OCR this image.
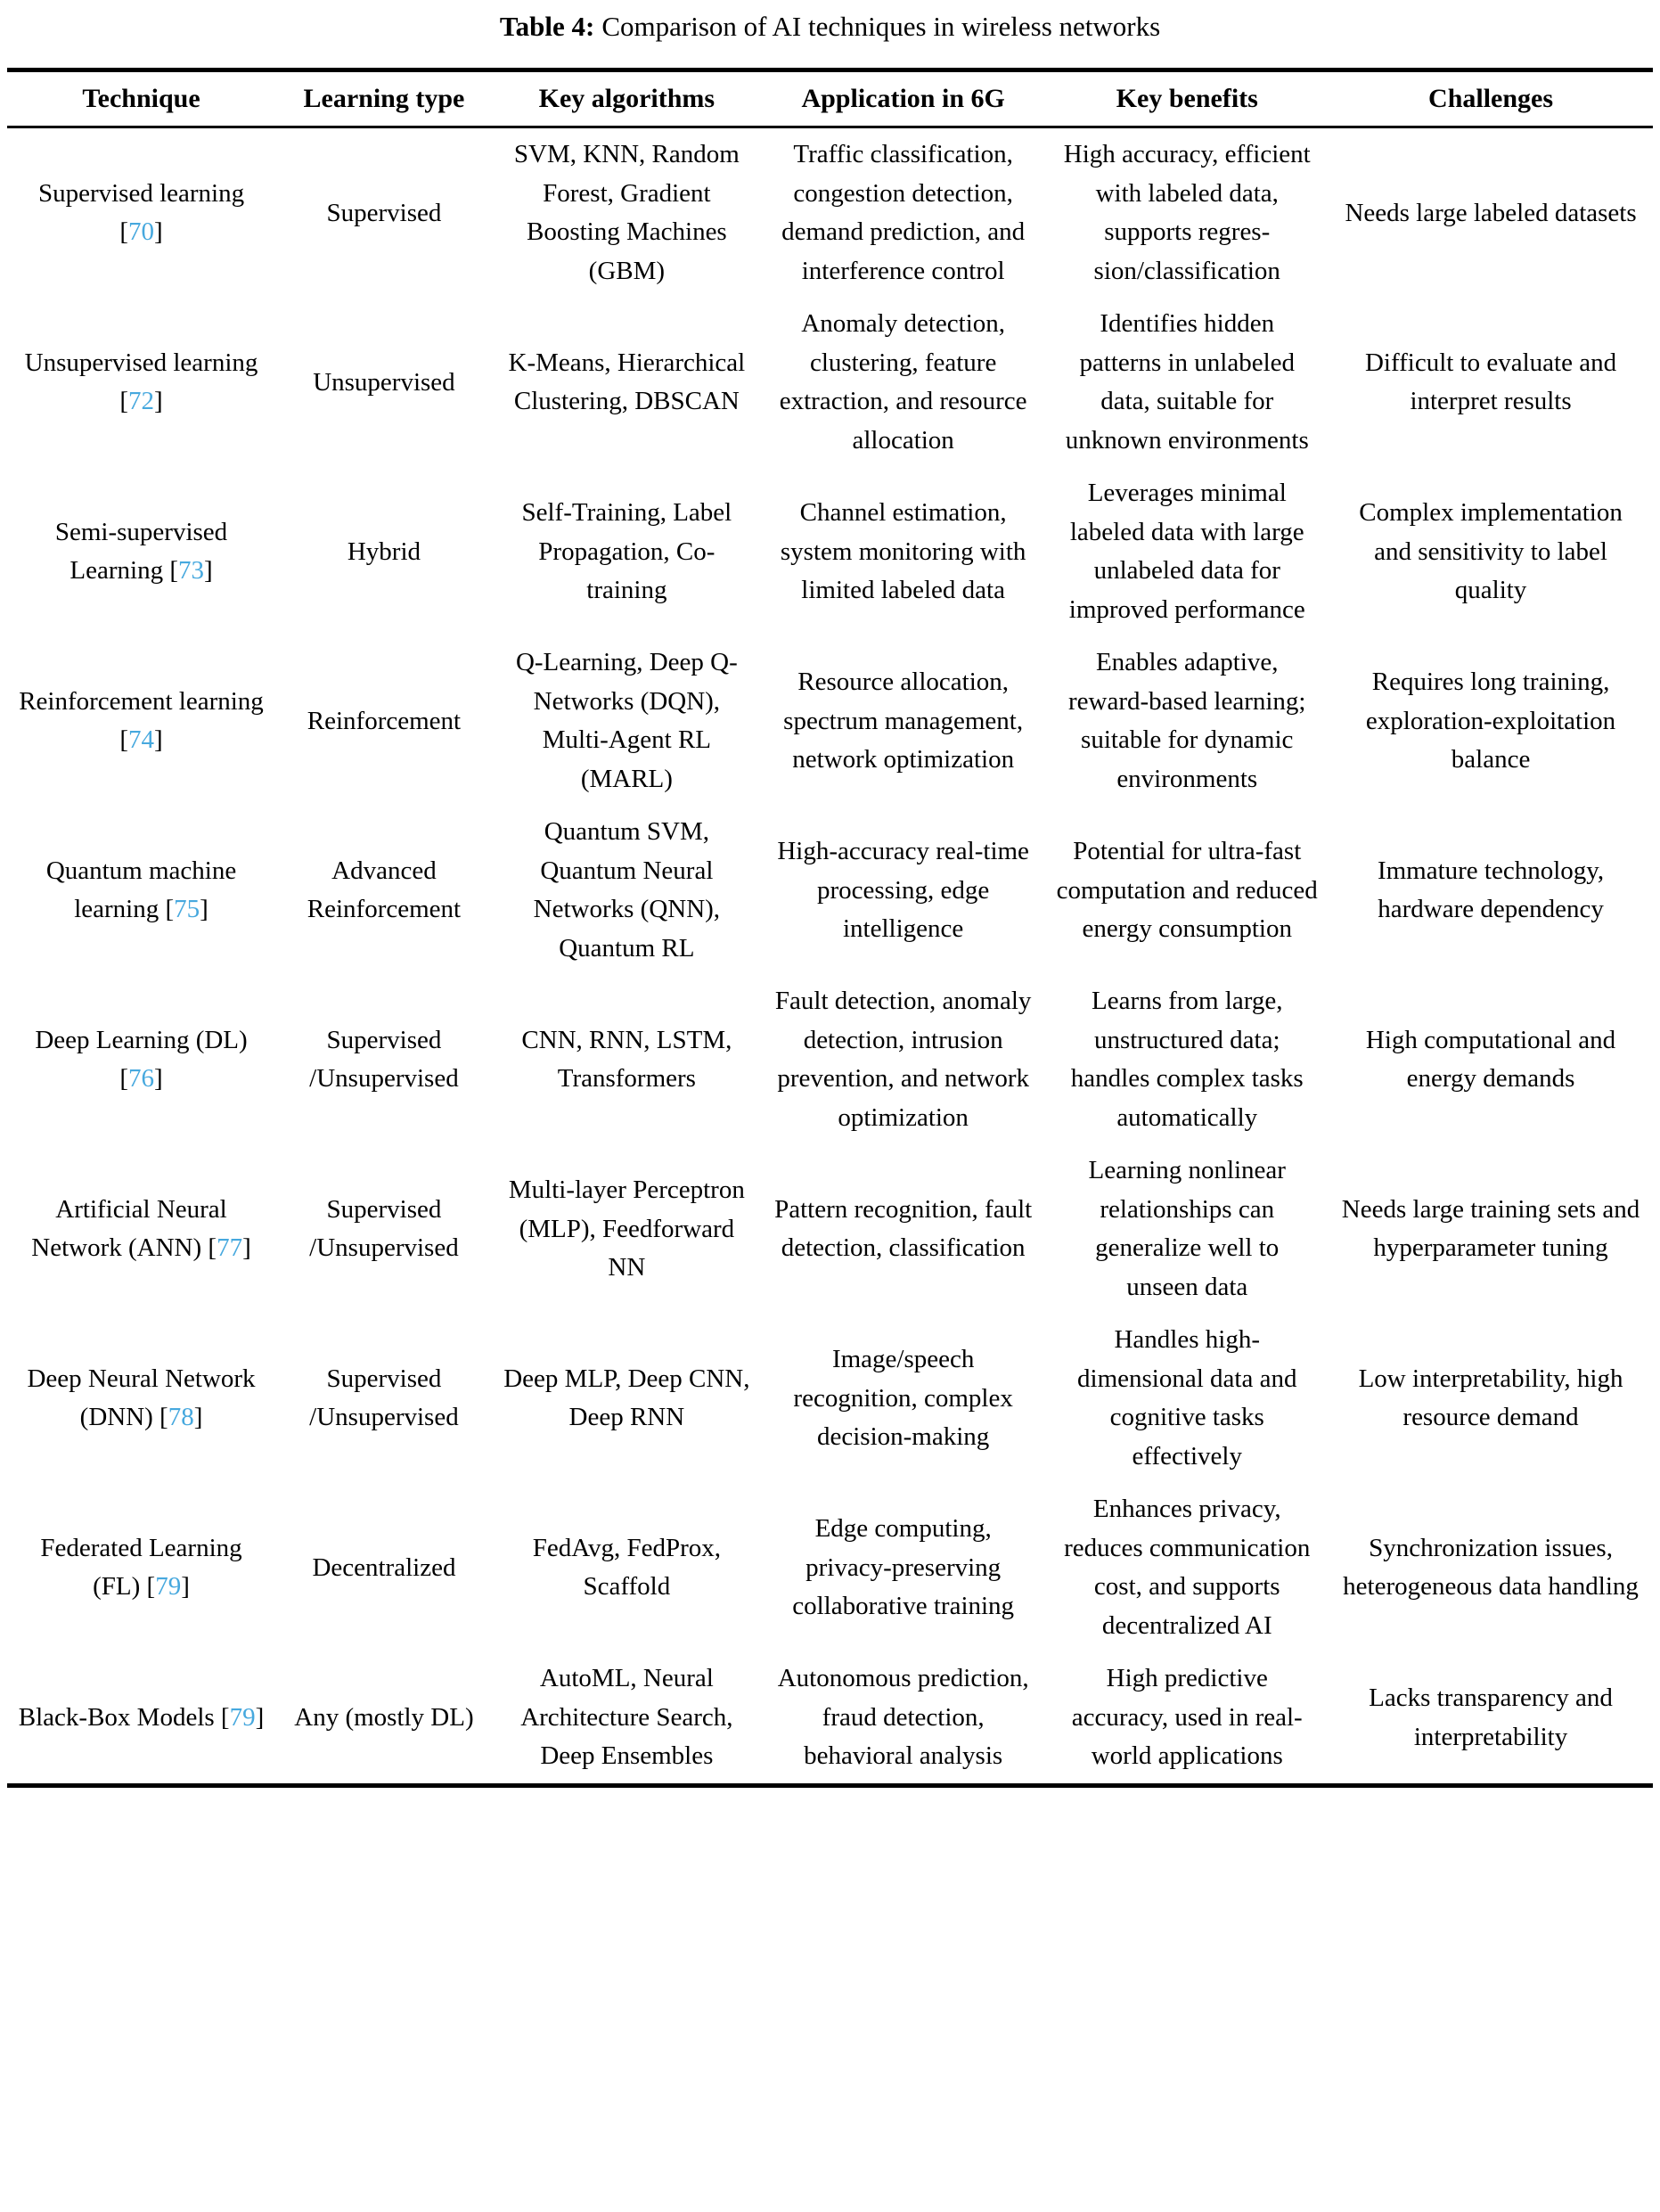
Table 4: Comparison of AI techniques in wireless networks
Technique	Learning type	Key algorithms	Application in 6G	Key benefits	Challenges
Supervised learning [70]	Supervised	SVM, KNN, Random Forest, Gradient Boosting Machines (GBM)	Traffic classification, congestion detection, demand prediction, and interference control	High accuracy, efficient with labeled data, supports regres-sion/classification	Needs large labeled datasets
Unsupervised learning [72]	Unsupervised	K-Means, Hierarchical Clustering, DBSCAN	Anomaly detection, clustering, feature extraction, and resource allocation	Identifies hidden patterns in unlabeled data, suitable for unknown environments	Difficult to evaluate and interpret results
Semi-supervised Learning [73]	Hybrid	Self-Training, Label Propagation, Co-training	Channel estimation, system monitoring with limited labeled data	Leverages minimal labeled data with large unlabeled data for improved performance	Complex implementation and sensitivity to label quality
Reinforcement learning [74]	Reinforcement	Q-Learning, Deep Q-Networks (DQN), Multi-Agent RL (MARL)	Resource allocation, spectrum management, network optimization	Enables adaptive, reward-based learning; suitable for dynamic environments	Requires long training, exploration-exploitation balance
Quantum machine learning [75]	Advanced Reinforcement	Quantum SVM, Quantum Neural Networks (QNN), Quantum RL	High-accuracy real-time processing, edge intelligence	Potential for ultra-fast computation and reduced energy consumption	Immature technology, hardware dependency
Deep Learning (DL) [76]	Supervised /Unsupervised	CNN, RNN, LSTM, Transformers	Fault detection, anomaly detection, intrusion prevention, and network optimization	Learns from large, unstructured data; handles complex tasks automatically	High computational and energy demands
Artificial Neural Network (ANN) [77]	Supervised /Unsupervised	Multi-layer Perceptron (MLP), Feedforward NN	Pattern recognition, fault detection, classification	Learning nonlinear relationships can generalize well to unseen data	Needs large training sets and hyperparameter tuning
Deep Neural Network (DNN) [78]	Supervised /Unsupervised	Deep MLP, Deep CNN, Deep RNN	Image/speech recognition, complex decision-making	Handles high-dimensional data and cognitive tasks effectively	Low interpretability, high resource demand
Federated Learning (FL) [79]	Decentralized	FedAvg, FedProx, Scaffold	Edge computing, privacy-preserving collaborative training	Enhances privacy, reduces communication cost, and supports decentralized AI	Synchronization issues, heterogeneous data handling
Black-Box Models [79]	Any (mostly DL)	AutoML, Neural Architecture Search, Deep Ensembles	Autonomous prediction, fraud detection, behavioral analysis	High predictive accuracy, used in real-world applications	Lacks transparency and interpretability
